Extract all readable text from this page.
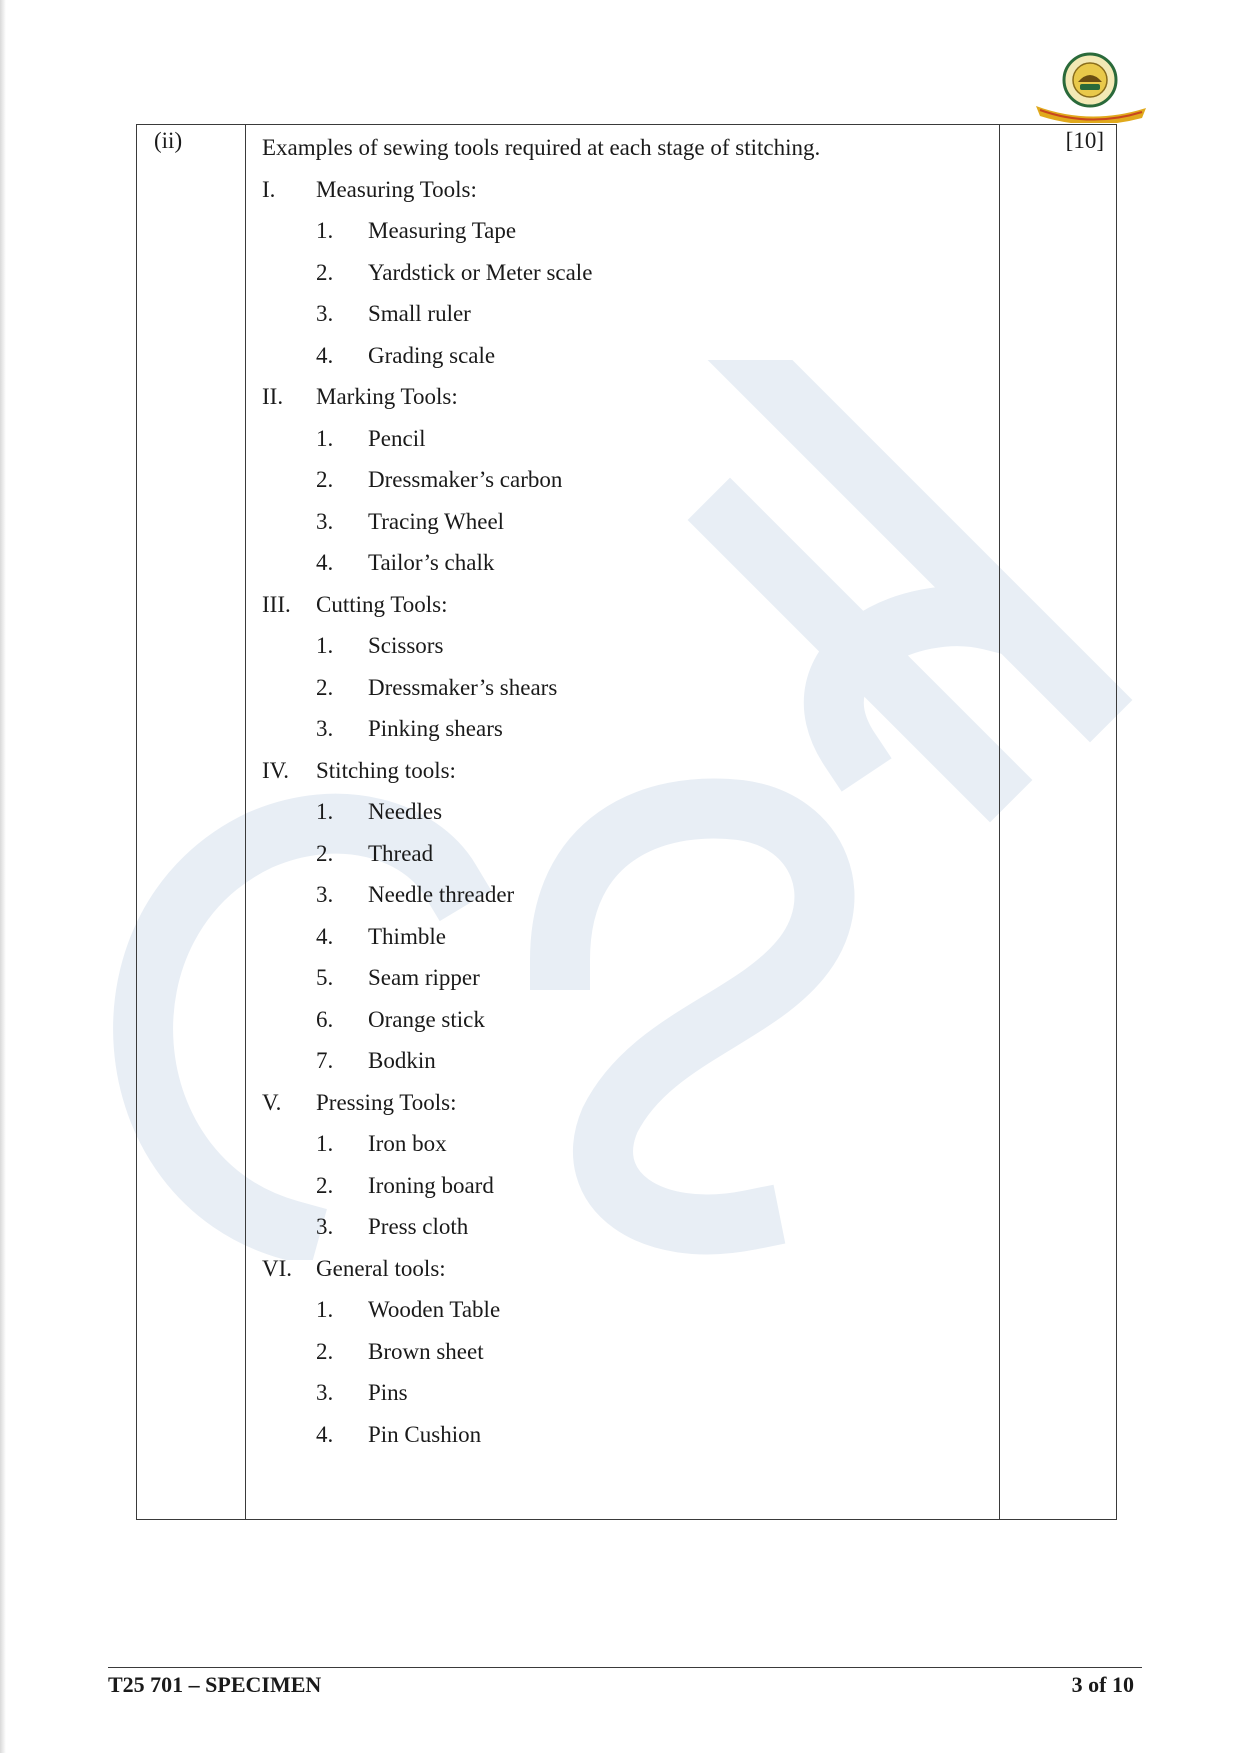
(ii)	Examples of sewing tools required at each stage of stitching.
I.	Measuring Tools:
1.	Measuring Tape
2.	Yardstick or Meter scale
3.	Small ruler
4.	Grading scale
II.	Marking Tools:
1.	Pencil
2.	Dressmaker’s carbon
3.	Tracing Wheel
4.	Tailor’s chalk
III.	Cutting Tools:
1.	Scissors
2.	Dressmaker’s shears
3.	Pinking shears
IV.	Stitching tools:
1.	Needles
2.	Thread
3.	Needle threader
4.	Thimble
5.	Seam ripper
6.	Orange stick
7.	Bodkin
V.	Pressing Tools:
1.	Iron box
2.	Ironing board
3.	Press cloth
VI.	General tools:
1.	Wooden Table
2.	Brown sheet
3.	Pins
4.	Pin Cushion

[10]
T25 701 – SPECIMEN	3 of 10
